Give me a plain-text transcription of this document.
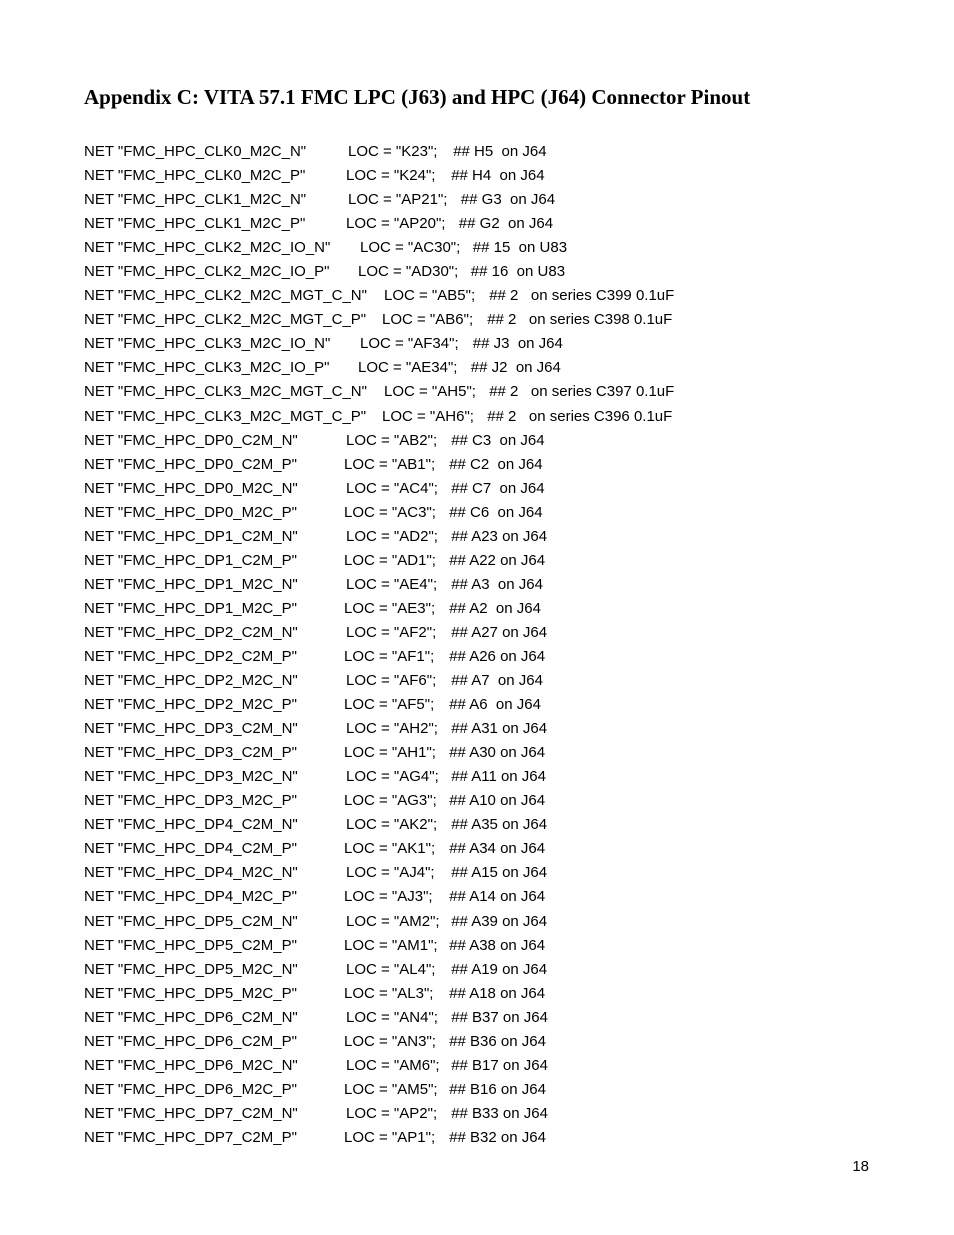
Appendix C: VITA 57.1 FMC LPC (J63) and HPC (J64) Connector Pinout
NET "FMC_HPC_CLK0_M2C_N"	LOC = "K23"; ## H5  on J64
NET "FMC_HPC_CLK0_M2C_P"	LOC = "K24"; ## H4  on J64
NET "FMC_HPC_CLK1_M2C_N"	LOC = "AP21"; ## G3  on J64
NET "FMC_HPC_CLK1_M2C_P"	LOC = "AP20"; ## G2  on J64
NET "FMC_HPC_CLK2_M2C_IO_N" LOC = "AC30"; ## 15  on U83
NET "FMC_HPC_CLK2_M2C_IO_P" LOC = "AD30"; ## 16  on U83
NET "FMC_HPC_CLK2_M2C_MGT_C_N" LOC = "AB5"; ## 2   on series C399 0.1uF
NET "FMC_HPC_CLK2_M2C_MGT_C_P" LOC = "AB6"; ## 2   on series C398 0.1uF
NET "FMC_HPC_CLK3_M2C_IO_N" LOC = "AF34"; ## J3  on J64
NET "FMC_HPC_CLK3_M2C_IO_P" LOC = "AE34"; ## J2  on J64
NET "FMC_HPC_CLK3_M2C_MGT_C_N" LOC = "AH5"; ## 2   on series C397 0.1uF
NET "FMC_HPC_CLK3_M2C_MGT_C_P" LOC = "AH6"; ## 2   on series C396 0.1uF
NET "FMC_HPC_DP0_C2M_N"	LOC = "AB2"; ## C3  on J64
NET "FMC_HPC_DP0_C2M_P"	LOC = "AB1"; ## C2  on J64
NET "FMC_HPC_DP0_M2C_N"	LOC = "AC4"; ## C7  on J64
NET "FMC_HPC_DP0_M2C_P"	LOC = "AC3"; ## C6  on J64
NET "FMC_HPC_DP1_C2M_N"	LOC = "AD2"; ## A23 on J64
NET "FMC_HPC_DP1_C2M_P"	LOC = "AD1"; ## A22 on J64
NET "FMC_HPC_DP1_M2C_N"	LOC = "AE4"; ## A3  on J64
NET "FMC_HPC_DP1_M2C_P"	LOC = "AE3"; ## A2  on J64
NET "FMC_HPC_DP2_C2M_N"	LOC = "AF2"; ## A27 on J64
NET "FMC_HPC_DP2_C2M_P"	LOC = "AF1"; ## A26 on J64
NET "FMC_HPC_DP2_M2C_N"	LOC = "AF6"; ## A7  on J64
NET "FMC_HPC_DP2_M2C_P"	LOC = "AF5"; ## A6  on J64
NET "FMC_HPC_DP3_C2M_N"	LOC = "AH2"; ## A31 on J64
NET "FMC_HPC_DP3_C2M_P"	LOC = "AH1"; ## A30 on J64
NET "FMC_HPC_DP3_M2C_N"	LOC = "AG4"; ## A11 on J64
NET "FMC_HPC_DP3_M2C_P"	LOC = "AG3"; ## A10 on J64
NET "FMC_HPC_DP4_C2M_N"	LOC = "AK2"; ## A35 on J64
NET "FMC_HPC_DP4_C2M_P"	LOC = "AK1"; ## A34 on J64
NET "FMC_HPC_DP4_M2C_N"	LOC = "AJ4"; ## A15 on J64
NET "FMC_HPC_DP4_M2C_P"	LOC = "AJ3"; ## A14 on J64
NET "FMC_HPC_DP5_C2M_N"	LOC = "AM2"; ## A39 on J64
NET "FMC_HPC_DP5_C2M_P"	LOC = "AM1"; ## A38 on J64
NET "FMC_HPC_DP5_M2C_N"	LOC = "AL4"; ## A19 on J64
NET "FMC_HPC_DP5_M2C_P"	LOC = "AL3"; ## A18 on J64
NET "FMC_HPC_DP6_C2M_N"	LOC = "AN4"; ## B37 on J64
NET "FMC_HPC_DP6_C2M_P"	LOC = "AN3"; ## B36 on J64
NET "FMC_HPC_DP6_M2C_N"	LOC = "AM6"; ## B17 on J64
NET "FMC_HPC_DP6_M2C_P"	LOC = "AM5"; ## B16 on J64
NET "FMC_HPC_DP7_C2M_N"	LOC = "AP2"; ## B33 on J64
NET "FMC_HPC_DP7_C2M_P"	LOC = "AP1"; ## B32 on J64
18
